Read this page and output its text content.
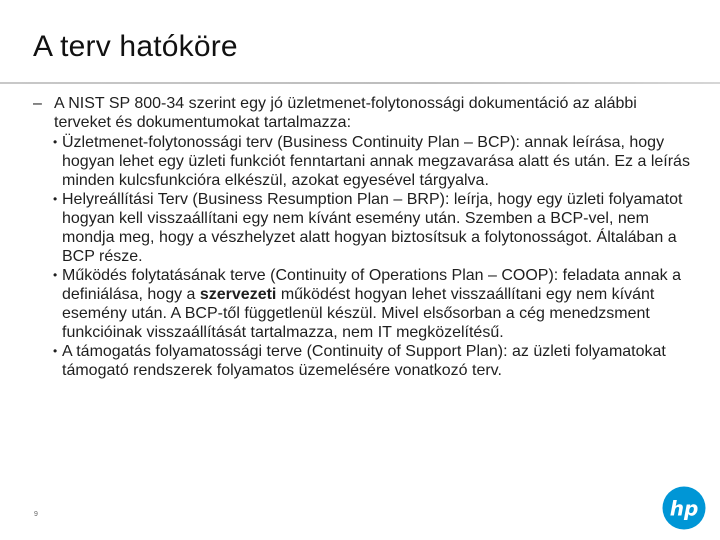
A terv hatóköre
– A NIST SP 800-34 szerint egy jó üzletmenet-folytonossági dokumentáció az alábbi terveket és dokumentumokat tartalmazza:
• Üzletmenet-folytonossági terv (Business Continuity Plan – BCP): annak leírása, hogy hogyan lehet egy üzleti funkciót fenntartani annak megzavarása alatt és után. Ez a leírás minden kulcsfunkcióra elkészül, azokat egyesével tárgyalva.
• Helyreállítási Terv (Business Resumption Plan – BRP): leírja, hogy egy üzleti folyamatot hogyan kell visszaállítani egy nem kívánt esemény után. Szemben a BCP-vel, nem mondja meg, hogy a vészhelyzet alatt hogyan biztosítsuk a folytonosságot. Általában a BCP része.
• Működés folytatásának terve (Continuity of Operations Plan – COOP): feladata annak a definiálása, hogy a szervezeti működést hogyan lehet visszaállítani egy nem kívánt esemény után. A BCP-től függetlenül készül. Mivel elsősorban a cég menedzsment funkcióinak visszaállítását tartalmazza, nem IT megközelítésű.
• A támogatás folyamatossági terve (Continuity of Support Plan): az üzleti folyamatokat támogató rendszerek folyamatos üzemelésére vonatkozó terv.
9	hp
